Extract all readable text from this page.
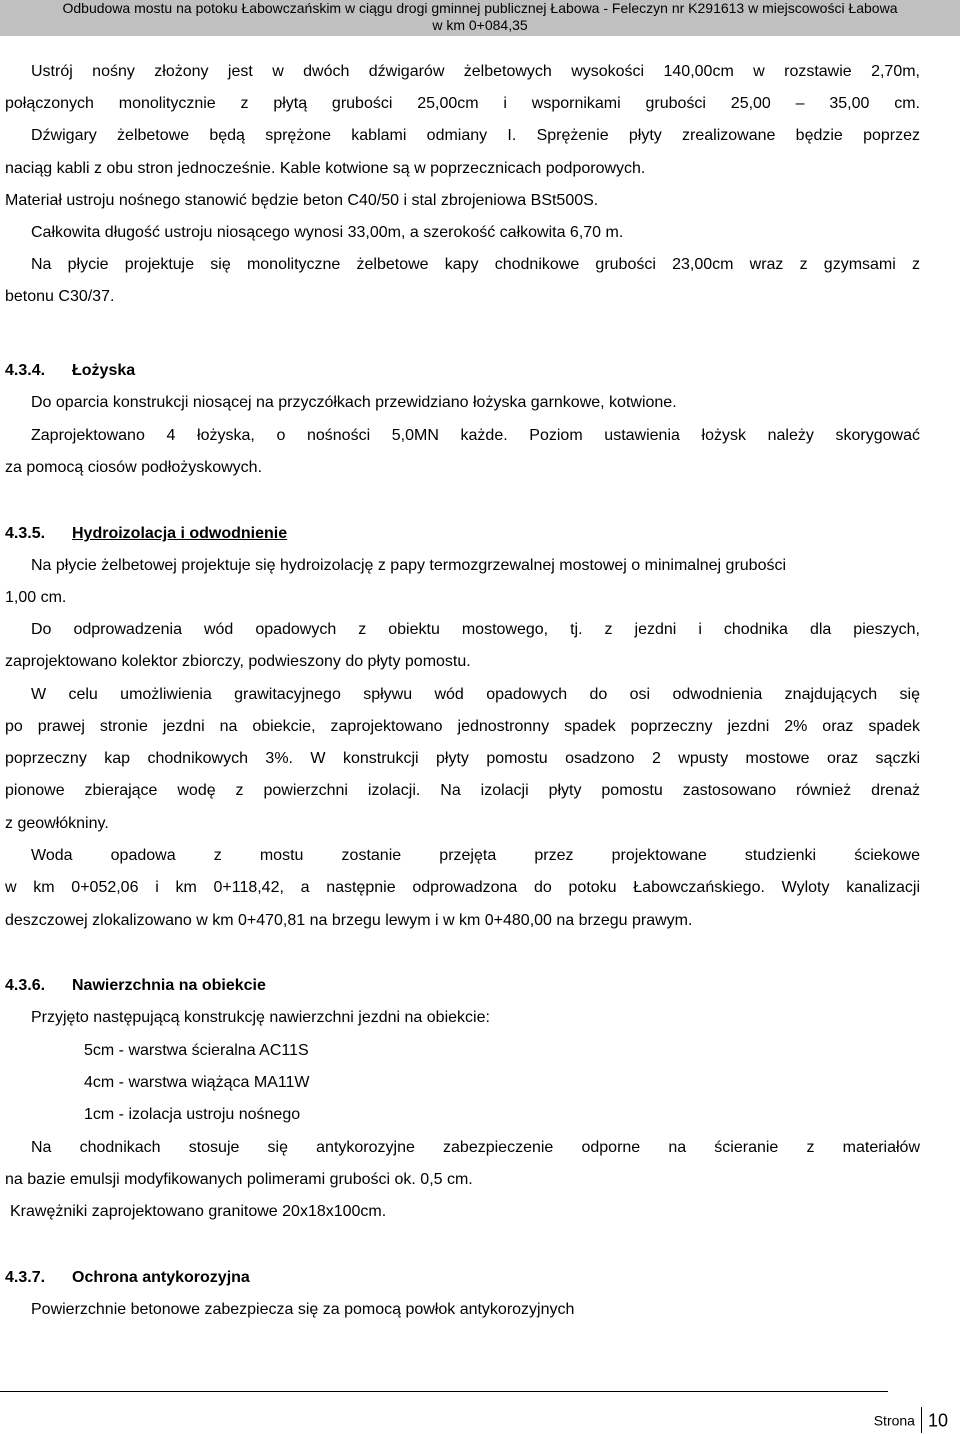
Odbudowa mostu na potoku Łabowczańskim w ciągu drogi gminnej publicznej Łabowa - Feleczyn nr K291613 w miejscowości Łabowa
w km 0+084,35
Ustrój nośny złożony jest w dwóch dźwigarów żelbetowych wysokości 140,00cm w rozstawie 2,70m,
połączonych monolitycznie z płytą grubości 25,00cm i wspornikami grubości 25,00 – 35,00 cm.
Dźwigary żelbetowe będą sprężone kablami odmiany I. Sprężenie płyty zrealizowane będzie poprzez
naciąg kabli z obu stron jednocześnie. Kable kotwione są w poprzecznicach podporowych.
Materiał ustroju nośnego stanowić będzie beton C40/50 i stal zbrojeniowa BSt500S.
Całkowita długość ustroju niosącego wynosi 33,00m, a szerokość całkowita 6,70 m.
Na płycie projektuje się monolityczne żelbetowe kapy chodnikowe grubości 23,00cm wraz z gzymsami z
betonu C30/37.
4.3.4. Łożyska
Do oparcia konstrukcji niosącej na przyczółkach przewidziano łożyska garnkowe, kotwione.
Zaprojektowano 4 łożyska, o nośności 5,0MN każde. Poziom ustawienia łożysk należy skorygować
za pomocą ciosów podłożyskowych.
4.3.5. Hydroizolacja i odwodnienie
Na płycie żelbetowej projektuje się hydroizolację z papy termozgrzewalnej mostowej o minimalnej grubości
1,00 cm.
Do odprowadzenia wód opadowych z obiektu mostowego, tj. z jezdni i chodnika dla pieszych,
zaprojektowano kolektor zbiorczy, podwieszony do płyty pomostu.
W celu umożliwienia grawitacyjnego spływu wód opadowych do osi odwodnienia znajdujących się
po prawej stronie jezdni na obiekcie, zaprojektowano jednostronny spadek poprzeczny jezdni 2% oraz spadek
poprzeczny kap chodnikowych 3%. W konstrukcji płyty pomostu osadzono 2 wpusty mostowe oraz sączki
pionowe zbierające wodę z powierzchni izolacji. Na izolacji płyty pomostu zastosowano również drenaż
z geowłókniny.
Woda opadowa z mostu zostanie przejęta przez projektowane studzienki ściekowe
w km 0+052,06 i km 0+118,42, a następnie odprowadzona do potoku Łabowczańskiego. Wyloty kanalizacji
deszczowej zlokalizowano w km 0+470,81 na brzegu lewym i w km 0+480,00 na brzegu prawym.
4.3.6. Nawierzchnia na obiekcie
Przyjęto następującą konstrukcję nawierzchni jezdni na obiekcie:
5cm - warstwa ścieralna AC11S
4cm - warstwa wiążąca MA11W
1cm - izolacja ustroju nośnego
Na chodnikach stosuje się antykorozyjne zabezpieczenie odporne na ścieranie z materiałów
na bazie emulsji modyfikowanych polimerami grubości ok. 0,5 cm.
Krawężniki zaprojektowano granitowe 20x18x100cm.
4.3.7. Ochrona antykorozyjna
Powierzchnie betonowe zabezpiecza się za pomocą powłok antykorozyjnych
Strona 10
